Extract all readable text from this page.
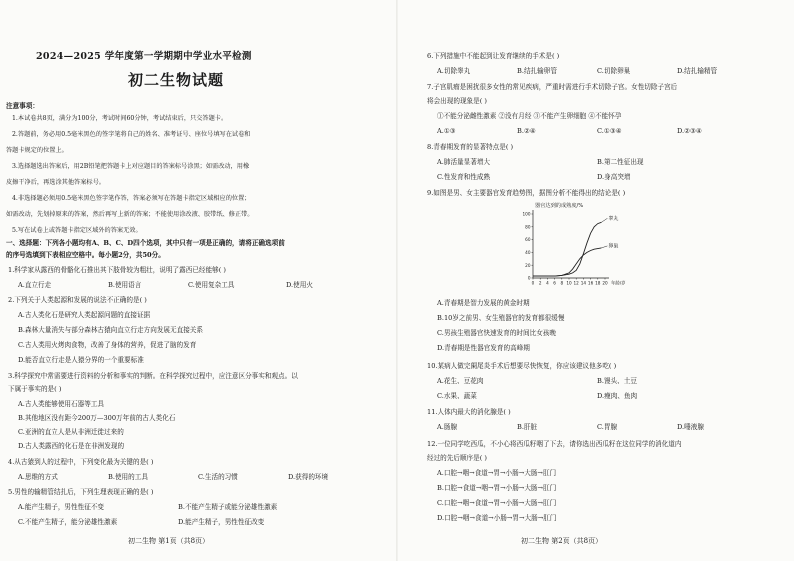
2024—2025 学年度第一学期期中学业水平检测
初二生物试题
注意事项：
1.本试卷共8页，满分为100分，考试时间60分钟，考试结束后，只交答题卡。
2.答题前，务必用0.5毫米黑色的签字笔将自己的姓名、准考证号、座位号填写在试卷和
答题卡规定的位置上。
3.选择题选出答案后，用2B铅笔把答题卡上对应题目的答案标号涂黑；如需改动，用橡
皮擦干净后，再选涂其他答案标号。
4.非选择题必须用0.5毫米黑色签字笔作答，答案必须写在答题卡指定区域相应的位置；
如需改动，先划掉原来的答案，然后再写上新的答案；不能使用涂改液、胶带纸、修正带。
5.写在试卷上或答题卡指定区域外的答案无效。
一、选择题：下列各小题均有A、B、C、D四个选项，其中只有一项是正确的，请将正确选项前
的序号选填到下表相应空格中。每小题2分，共50分。
1.科学家从露西的骨骼化石推出其下肢骨较为粗壮，说明了露西已经能够( )
A.直立行走	B.使用语言	C.使用复杂工具	D.使用火
2.下列关于人类起源和发展的说法不正确的是( )
A.古人类化石是研究人类起源问题的直接证据
B.森林大量消失与部分森林古猿向直立行走方向发展无直接关系
C.古人类用火烤肉食物，改善了身体的营养，促进了脑的发育
D.能否直立行走是人猿分界的一个重要标准
3.科学探究中常需要进行资料的分析和事实的判断。在科学探究过程中，应注意区分事实和观点。以
下属于事实的是( )
A.古人类能够使用石器等工具
B.其他地区没有距今200万—300万年前的古人类化石
C.亚洲的直立人是从非洲迁徙过来的
D.古人类露西的化石是在非洲发现的
4.从古猿到人的过程中，下列变化最为关键的是( )
A.思维的方式	B.使用的工具	C.生活的习惯	D.获得的环境
5.男性的输精管结扎后，下列生理表现正确的是( )
A.能产生精子，男性性征不变	B.不能产生精子或能分泌雄性激素
C.不能产生精子，能分泌雄性激素	D.能产生精子，男性性征改变
初二生物 第1页（共8页）
6.下列措施中不能起到让发育继续的手术是( )
A.切除睾丸	B.结扎输卵管	C.切除卵巢	D.结扎输精管
7.子宫肌瘤是困扰很多女性的常见疾病，严重时需进行手术切除子宫。女性切除子宫后
将会出现的现象是( )
①不能分泌雌性激素 ②没有月经 ③不能产生卵细胞 ④不能怀孕
A.①③	B.②④	C.①③④	D.②③④
8.青春期发育的显著特点是( )
A.肺活量显著增大	B.第二性征出现
C.性发育和性成熟	D.身高突增
9.如图是男、女主要器官发育趋势图，据图分析不能得出的结论是( )
器官达到的成熟度/%
0
20
40
60
80
100
0 2 4 6 8 10 12 14 16 18 20 年龄/岁
睾丸
卵巢
A.青春期是智力发展的黄金时期
B.10岁之前男、女生殖器官的发育都很缓慢
C.男孩生殖器官快速发育的时间比女孩晚
D.青春期是性器官发育的高峰期
10.某病人做完阑尾炎手术后想要尽快恢复，你应该建议他多吃( )
A.花生、豆花肉	B.馒头、土豆
C.水果、蔬菜	D.瘦肉、鱼肉
11.人体内最大的消化腺是( )
A.肠腺	B.肝脏	C.胃腺	D.唾液腺
12.一位同学吃西瓜，不小心将西瓜籽咽了下去，请你选出西瓜籽在这位同学的消化道内
经过的先后顺序是( )
A.口腔→咽→食道→胃→小肠→大肠→肛门
B.口腔→食道→咽→胃→小肠→大肠→肛门
C.口腔→咽→食道→胃→小肠→大肠→肛门
D.口腔→咽→食道→小肠→胃→大肠→肛门
初二生物 第2页（共8页）
